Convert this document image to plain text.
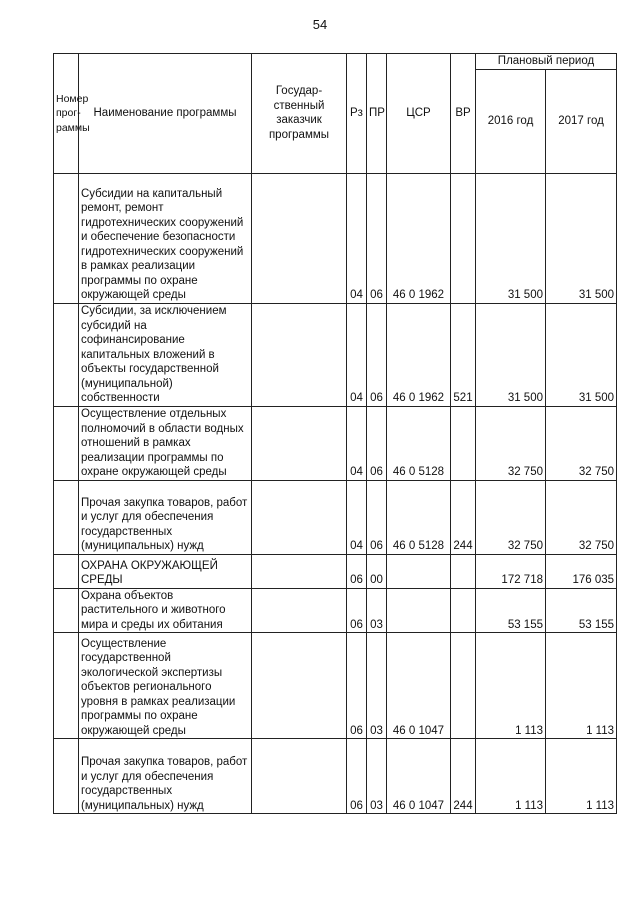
54
Номер прог-раммы	Наименование программы	Государ-ственный заказчик программы	Рз	ПР	ЦСР	ВР	Плановый период	
							2016 год	2017 год
	Субсидии на капитальный ремонт, ремонт гидротехнических сооружений и обеспечение безопасности гидротехнических сооружений в рамках реализации программы по охране окружающей среды		04	06	46 0 1962		31 500	31 500
	Субсидии, за исключением субсидий на софинансирование капитальных вложений в объекты государственной (муниципальной) собственности		04	06	46 0 1962	521	31 500	31 500
	Осуществление отдельных полномочий в области водных отношений в рамках реализации программы по охране окружающей среды		04	06	46 0 5128		32 750	32 750
	Прочая закупка товаров, работ и услуг для обеспечения государственных (муниципальных) нужд		04	06	46 0 5128	244	32 750	32 750
	ОХРАНА ОКРУЖАЮЩЕЙ СРЕДЫ		06	00			172 718	176 035
	Охрана объектов растительного и животного мира и среды их обитания		06	03			53 155	53 155
	Осуществление государственной экологической экспертизы объектов регионального уровня в рамках реализации программы по охране окружающей среды		06	03	46 0 1047		1 113	1 113
	Прочая закупка товаров, работ и услуг для обеспечения государственных (муниципальных) нужд		06	03	46 0 1047	244	1 113	1 113
